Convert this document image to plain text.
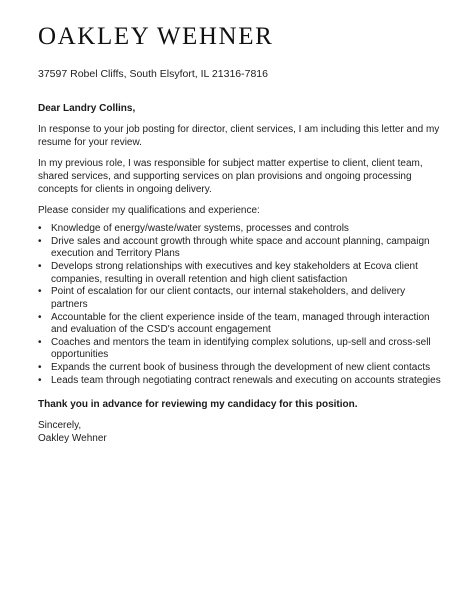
OAKLEY WEHNER
37597 Robel Cliffs, South Elsyfort, IL 21316-7816
Dear Landry Collins,

In response to your job posting for director, client services, I am including this letter and my resume for your review.

In my previous role, I was responsible for subject matter expertise to client, client team, shared services, and supporting services on plan provisions and ongoing processing concepts for clients in ongoing delivery.

Please consider my qualifications and experience:

• Knowledge of energy/waste/water systems, processes and controls
• Drive sales and account growth through white space and account planning, campaign execution and Territory Plans
• Develops strong relationships with executives and key stakeholders at Ecova client companies, resulting in overall retention and high client satisfaction
• Point of escalation for our client contacts, our internal stakeholders, and delivery partners
• Accountable for the client experience inside of the team, managed through interaction and evaluation of the CSD's account engagement
• Coaches and mentors the team in identifying complex solutions, up-sell and cross-sell opportunities
• Expands the current book of business through the development of new client contacts
• Leads team through negotiating contract renewals and executing on accounts strategies
Thank you in advance for reviewing my candidacy for this position.
Sincerely,
Oakley Wehner
